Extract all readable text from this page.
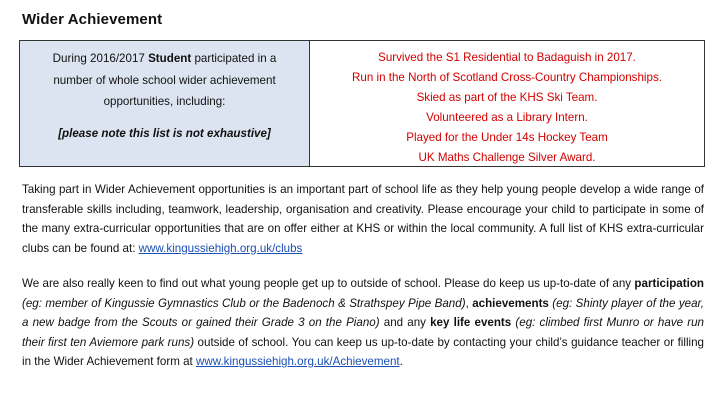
Wider Achievement
During 2016/2017 Student participated in a
number of whole school wider achievement
opportunities, including:
[please note this list is not exhaustive]
Survived the S1 Residential to Badaguish in 2017.
Run in the North of Scotland Cross-Country Championships.
Skied as part of the KHS Ski Team.
Volunteered as a Library Intern.
Played for the Under 14s Hockey Team
UK Maths Challenge Silver Award.
Taking part in Wider Achievement opportunities is an important part of school life as they help young people develop a wide range of transferable skills including, teamwork, leadership, organisation and creativity. Please encourage your child to participate in some of the many extra-curricular opportunities that are on offer either at KHS or within the local community. A full list of KHS extra-curricular clubs can be found at: www.kingussiehigh.org.uk/clubs
We are also really keen to find out what young people get up to outside of school. Please do keep us up-to-date of any participation (eg: member of Kingussie Gymnastics Club or the Badenoch & Strathspey Pipe Band), achievements (eg: Shinty player of the year, a new badge from the Scouts or gained their Grade 3 on the Piano) and any key life events (eg: climbed first Munro or have run their first ten Aviemore park runs) outside of school. You can keep us up-to-date by contacting your child’s guidance teacher or filling in the Wider Achievement form at www.kingussiehigh.org.uk/Achievement.
